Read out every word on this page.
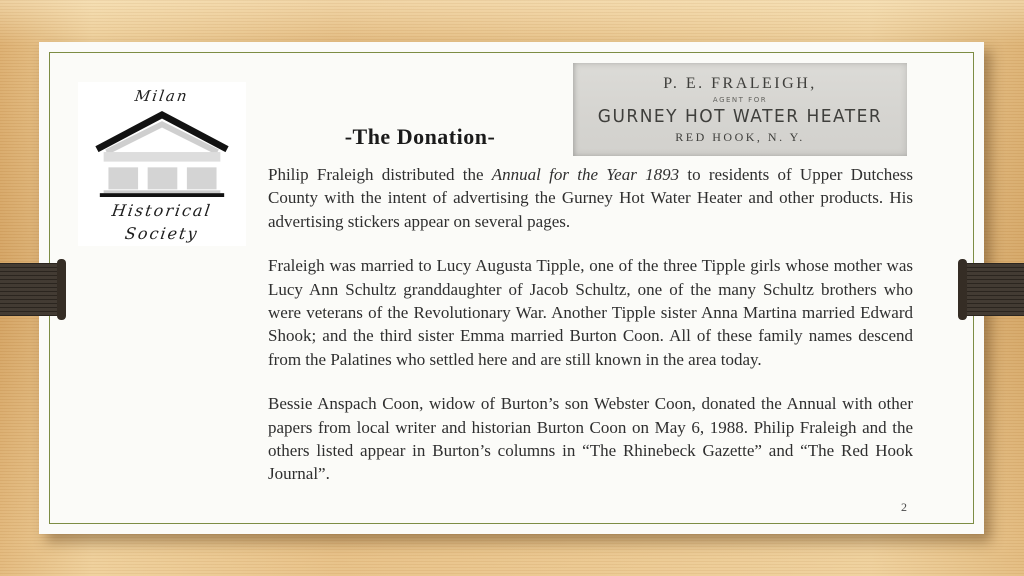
Milan
Historical
Society
P. E. FRALEIGH,
AGENT FOR
GURNEY HOT WATER HEATER
RED HOOK, N. Y.
-The Donation-

Philip Fraleigh distributed the Annual for the Year 1893 to residents of Upper Dutchess County with the intent of advertising the Gurney Hot Water Heater and other products. His advertising stickers appear on several pages.

Fraleigh was married to Lucy Augusta Tipple, one of the three Tipple girls whose mother was Lucy Ann Schultz granddaughter of Jacob Schultz, one of the many Schultz brothers who were veterans of the Revolutionary War. Another Tipple sister Anna Martina married Edward Shook; and the third sister Emma married Burton Coon. All of these family names descend from the Palatines who settled here and are still known in the area today.

Bessie Anspach Coon, widow of Burton’s son Webster Coon, donated the Annual with other papers from local writer and historian Burton Coon on May 6, 1988. Philip Fraleigh and the others listed appear in Burton’s columns in “The Rhinebeck Gazette” and “The Red Hook Journal”.

2
